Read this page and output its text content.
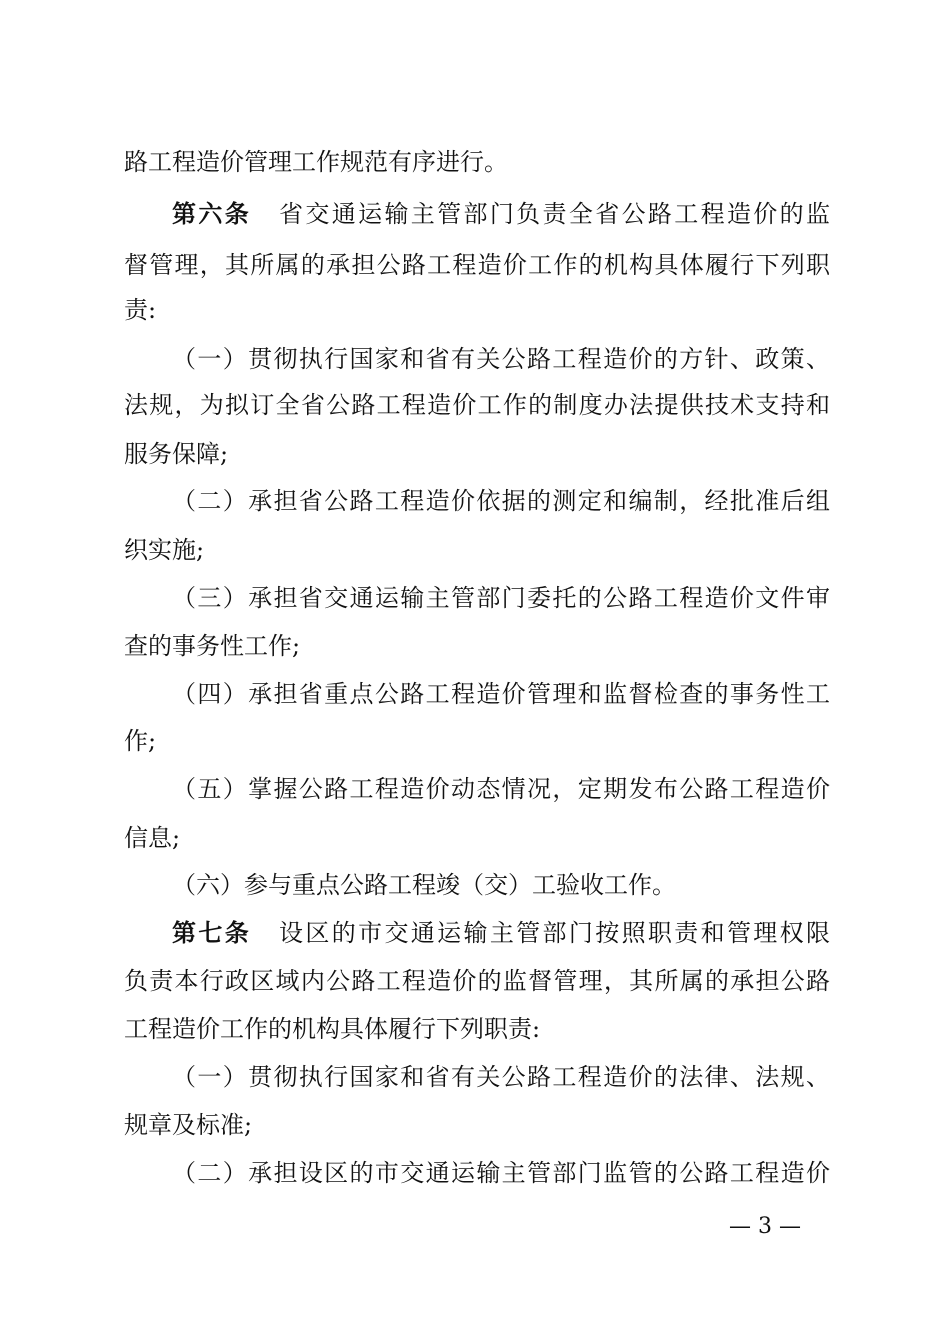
路工程造价管理工作规范有序进行。
第六条 省交通运输主管部门负责全省公路工程造价的监
督管理，其所属的承担公路工程造价工作的机构具体履行下列职
责:
（一）贯彻执行国家和省有关公路工程造价的方针、政策、
法规，为拟订全省公路工程造价工作的制度办法提供技术支持和
服务保障;
（二）承担省公路工程造价依据的测定和编制，经批准后组
织实施;
（三）承担省交通运输主管部门委托的公路工程造价文件审
查的事务性工作;
（四）承担省重点公路工程造价管理和监督检查的事务性工
作;
（五）掌握公路工程造价动态情况，定期发布公路工程造价
信息;
（六）参与重点公路工程竣（交）工验收工作。
第七条 设区的市交通运输主管部门按照职责和管理权限
负责本行政区域内公路工程造价的监督管理，其所属的承担公路
工程造价工作的机构具体履行下列职责:
（一）贯彻执行国家和省有关公路工程造价的法律、法规、
规章及标准;
（二）承担设区的市交通运输主管部门监管的公路工程造价
— 3 —
